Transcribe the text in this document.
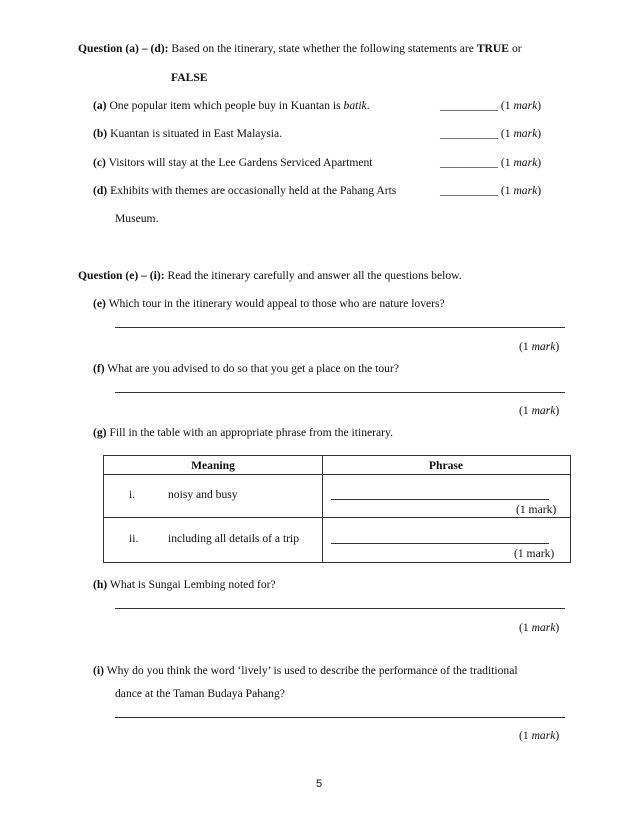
Question (a) – (d): Based on the itinerary, state whether the following statements are TRUE or
FALSE
(a) One popular item which people buy in Kuantan is batik.	__________ (1 mark)
(b) Kuantan is situated in East Malaysia.	__________ (1 mark)
(c) Visitors will stay at the Lee Gardens Serviced Apartment	__________ (1 mark)
(d) Exhibits with themes are occasionally held at the Pahang Arts	__________ (1 mark)
Museum.
Question (e) – (i): Read the itinerary carefully and answer all the questions below.
(e) Which tour in the itinerary would appeal to those who are nature lovers?
(1 mark)
(f) What are you advised to do so that you get a place on the tour?
(1 mark)
(g) Fill in the table with an appropriate phrase from the itinerary.
Meaning	Phrase
i.	noisy and busy
(1 mark)
ii.	including all details of a trip
(1 mark)
(h) What is Sungai Lembing noted for?
(1 mark)
(i) Why do you think the word ‘lively’ is used to describe the performance of the traditional
dance at the Taman Budaya Pahang?
(1 mark)
5
